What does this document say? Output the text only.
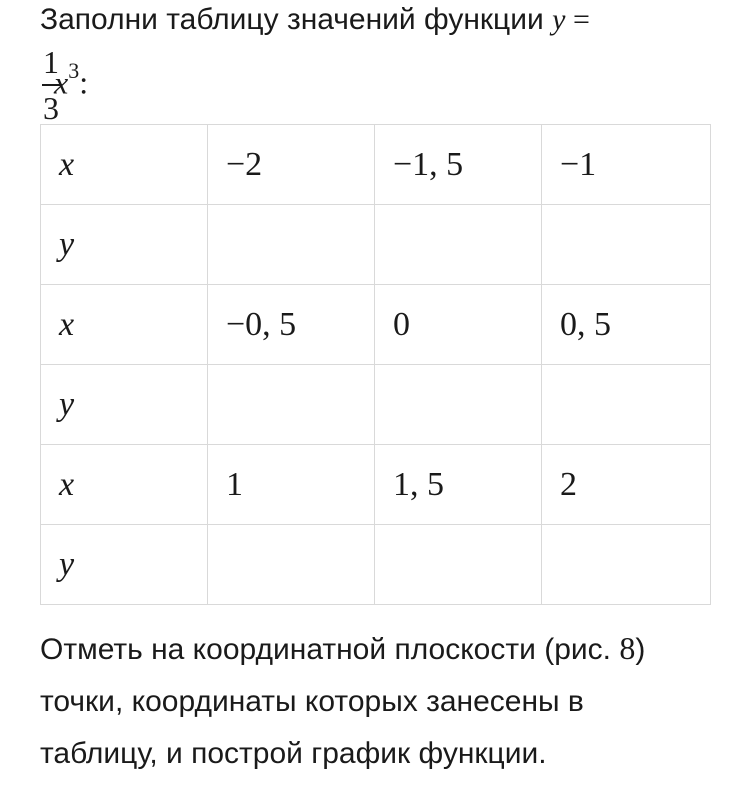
Заполни таблицу значений функции y =
1
3
$x^3$:
x	−2	−1, 5	−1
y			
x	−0, 5	0	0, 5
y			
x	1	1, 5	2
y			
Отметь на координатной плоскости (рис. 8)
точки, координаты которых занесены в
таблицу, и построй график функции.
